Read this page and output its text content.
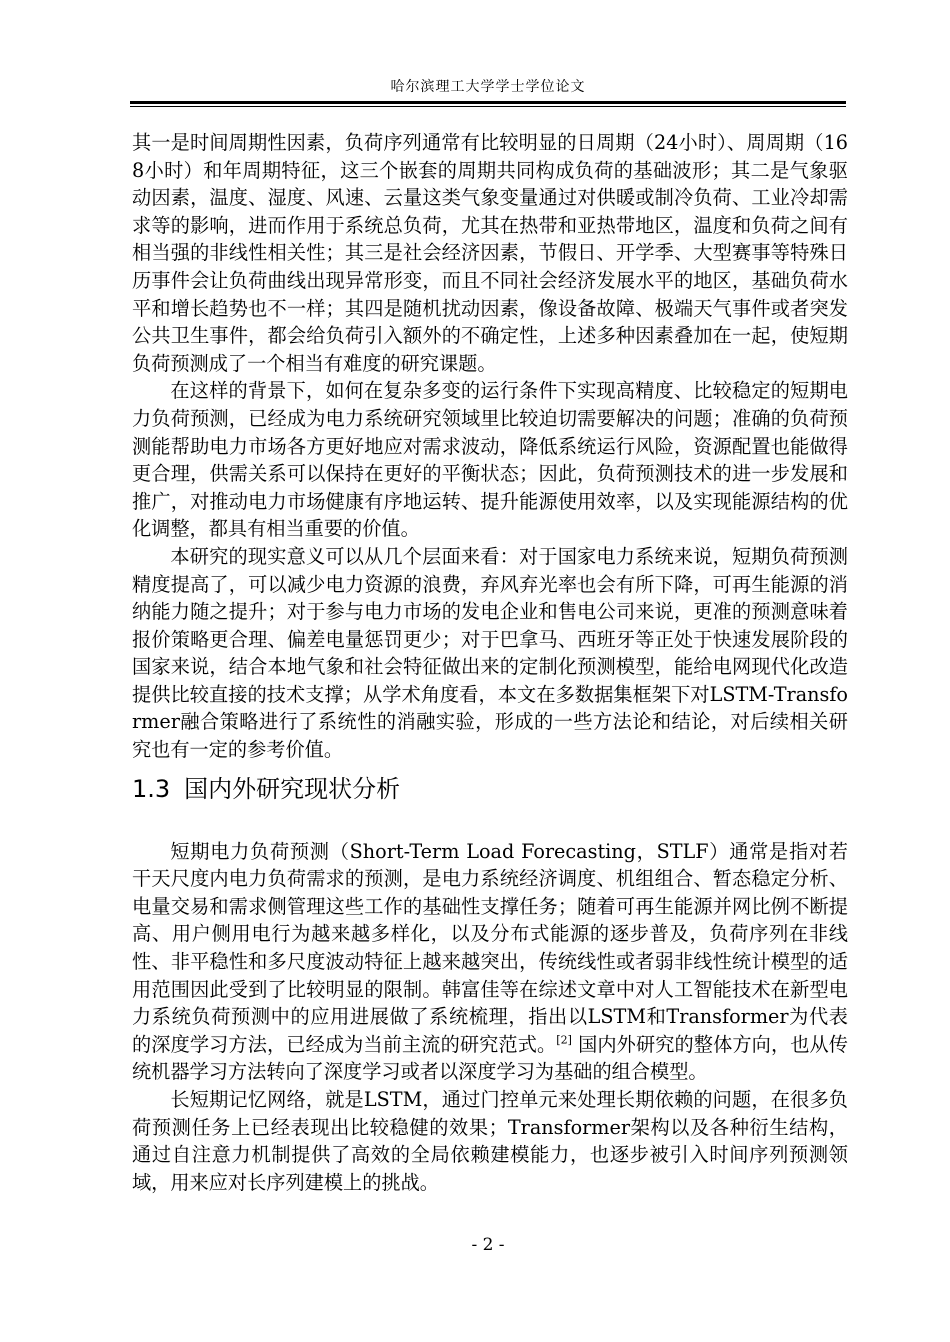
哈尔滨理工大学学士学位论文

其一是时间周期性因素，负荷序列通常有比较明显的日周期（24小时）、周周期（168小时）和年周期特征，这三个嵌套的周期共同构成负荷的基础波形；其二是气象驱动因素，温度、湿度、风速、云量这类气象变量通过对供暖或制冷负荷、工业冷却需求等的影响，进而作用于系统总负荷，尤其在热带和亚热带地区，温度和负荷之间有相当强的非线性相关性；其三是社会经济因素，节假日、开学季、大型赛事等特殊日历事件会让负荷曲线出现异常形变，而且不同社会经济发展水平的地区，基础负荷水平和增长趋势也不一样；其四是随机扰动因素，像设备故障、极端天气事件或者突发公共卫生事件，都会给负荷引入额外的不确定性，上述多种因素叠加在一起，使短期负荷预测成了一个相当有难度的研究课题。

在这样的背景下，如何在复杂多变的运行条件下实现高精度、比较稳定的短期电力负荷预测，已经成为电力系统研究领域里比较迫切需要解决的问题；准确的负荷预测能帮助电力市场各方更好地应对需求波动，降低系统运行风险，资源配置也能做得更合理，供需关系可以保持在更好的平衡状态；因此，负荷预测技术的进一步发展和推广，对推动电力市场健康有序地运转、提升能源使用效率，以及实现能源结构的优化调整，都具有相当重要的价值。

本研究的现实意义可以从几个层面来看：对于国家电力系统来说，短期负荷预测精度提高了，可以减少电力资源的浪费，弃风弃光率也会有所下降，可再生能源的消纳能力随之提升；对于参与电力市场的发电企业和售电公司来说，更准的预测意味着报价策略更合理、偏差电量惩罚更少；对于巴拿马、西班牙等正处于快速发展阶段的国家来说，结合本地气象和社会特征做出来的定制化预测模型，能给电网现代化改造提供比较直接的技术支撑；从学术角度看，本文在多数据集框架下对LSTM-Transformer融合策略进行了系统性的消融实验，形成的一些方法论和结论，对后续相关研究也有一定的参考价值。

1.3 国内外研究现状分析

短期电力负荷预测（Short-Term Load Forecasting，STLF）通常是指对若干天尺度内电力负荷需求的预测，是电力系统经济调度、机组组合、暂态稳定分析、电量交易和需求侧管理这些工作的基础性支撑任务；随着可再生能源并网比例不断提高、用户侧用电行为越来越多样化，以及分布式能源的逐步普及，负荷序列在非线性、非平稳性和多尺度波动特征上越来越突出，传统线性或者弱非线性统计模型的适用范围因此受到了比较明显的限制。韩富佳等在综述文章中对人工智能技术在新型电力系统负荷预测中的应用进展做了系统梳理，指出以LSTM和Transformer为代表的深度学习方法，已经成为当前主流的研究范式。[2] 国内外研究的整体方向，也从传统机器学习方法转向了深度学习或者以深度学习为基础的组合模型。

长短期记忆网络，就是LSTM，通过门控单元来处理长期依赖的问题，在很多负荷预测任务上已经表现出比较稳健的效果；Transformer架构以及各种衍生结构，通过自注意力机制提供了高效的全局依赖建模能力，也逐步被引入时间序列预测领域，用来应对长序列建模上的挑战。

- 2 -
